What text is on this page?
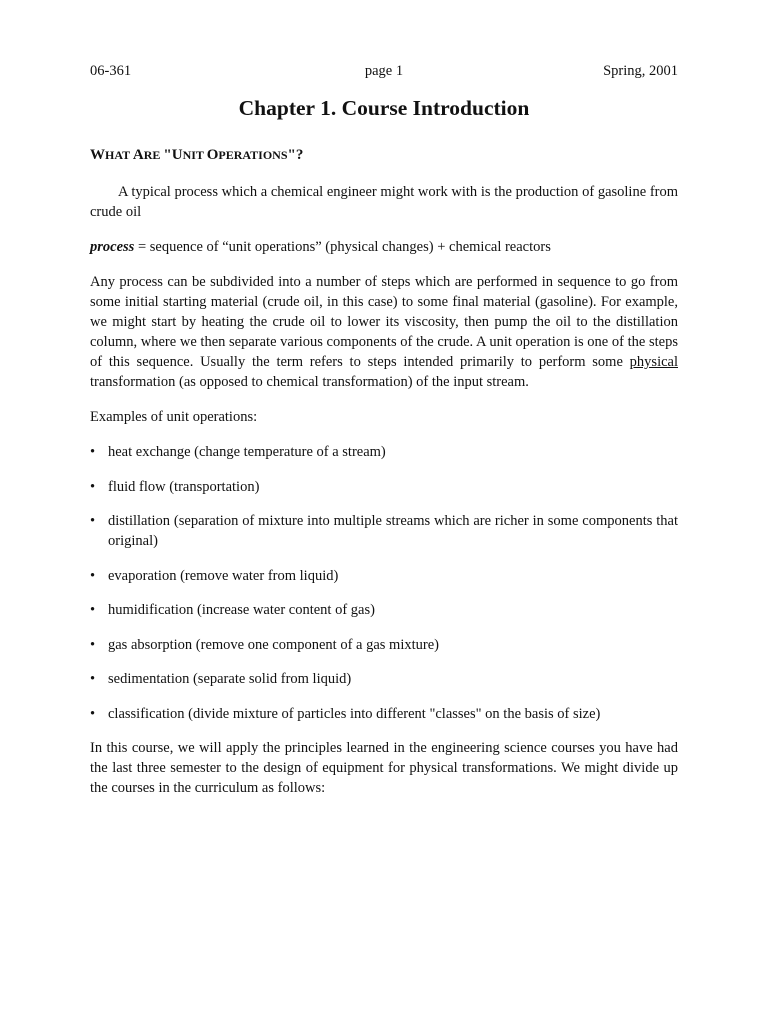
06-361	page 1	Spring, 2001
Chapter 1. Course Introduction
WHAT ARE "UNIT OPERATIONS"?

A typical process which a chemical engineer might work with is the production of gasoline from crude oil

process = sequence of “unit operations” (physical changes) + chemical reactors

Any process can be subdivided into a number of steps which are performed in sequence to go from some initial starting material (crude oil, in this case) to some final material (gasoline). For example, we might start by heating the crude oil to lower its viscosity, then pump the oil to the distillation column, where we then separate various components of the crude. A unit operation is one of the steps of this sequence. Usually the term refers to steps intended primarily to perform some physical transformation (as opposed to chemical transformation) of the input stream.

Examples of unit operations:

• heat exchange (change temperature of a stream)
• fluid flow (transportation)
• distillation (separation of mixture into multiple streams which are richer in some components that original)
• evaporation (remove water from liquid)
• humidification (increase water content of gas)
• gas absorption (remove one component of a gas mixture)
• sedimentation (separate solid from liquid)
• classification (divide mixture of particles into different "classes" on the basis of size)

In this course, we will apply the principles learned in the engineering science courses you have had the last three semester to the design of equipment for physical transformations. We might divide up the courses in the curriculum as follows:
